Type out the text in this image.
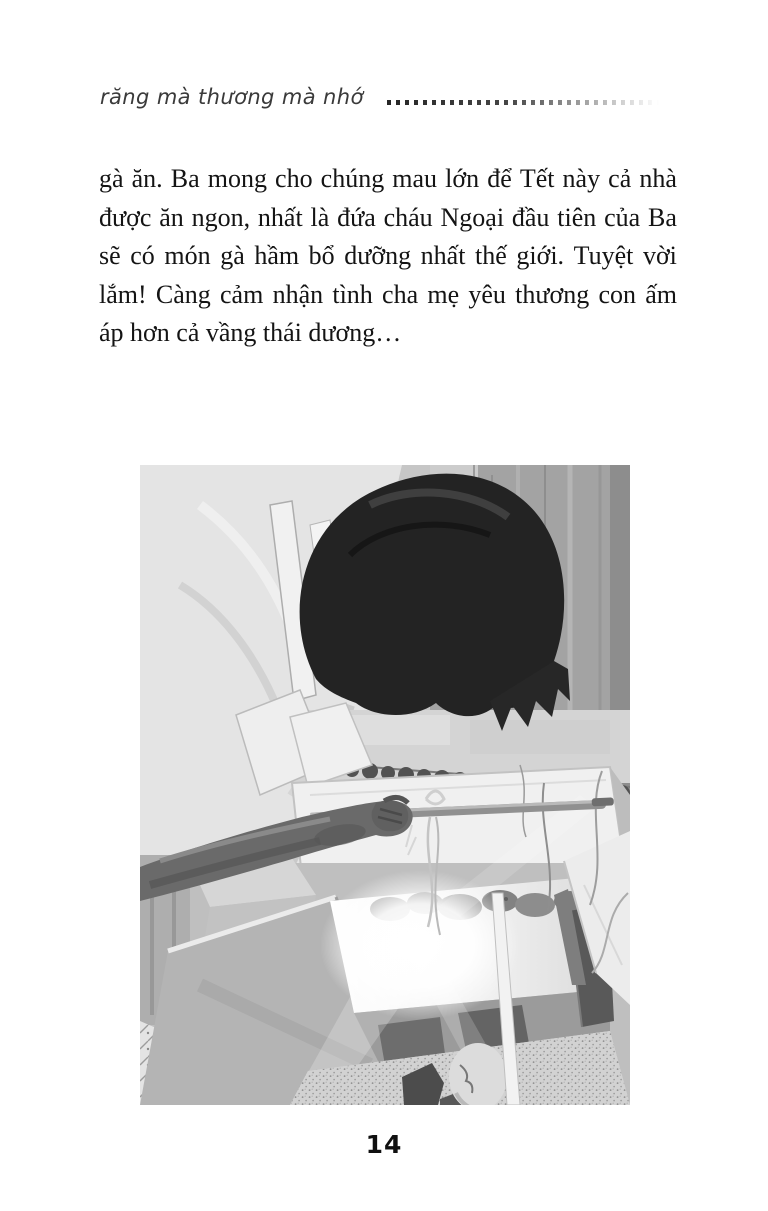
răng mà thương mà nhớ
gà ăn. Ba mong cho chúng mau lớn để Tết này cả nhà
được ăn ngon, nhất là đứa cháu Ngoại đầu tiên của Ba
sẽ có món gà hầm bổ dưỡng nhất thế giới. Tuyệt vời
lắm! Càng cảm nhận tình cha mẹ yêu thương con ấm
áp hơn cả vầng thái dương…
14
